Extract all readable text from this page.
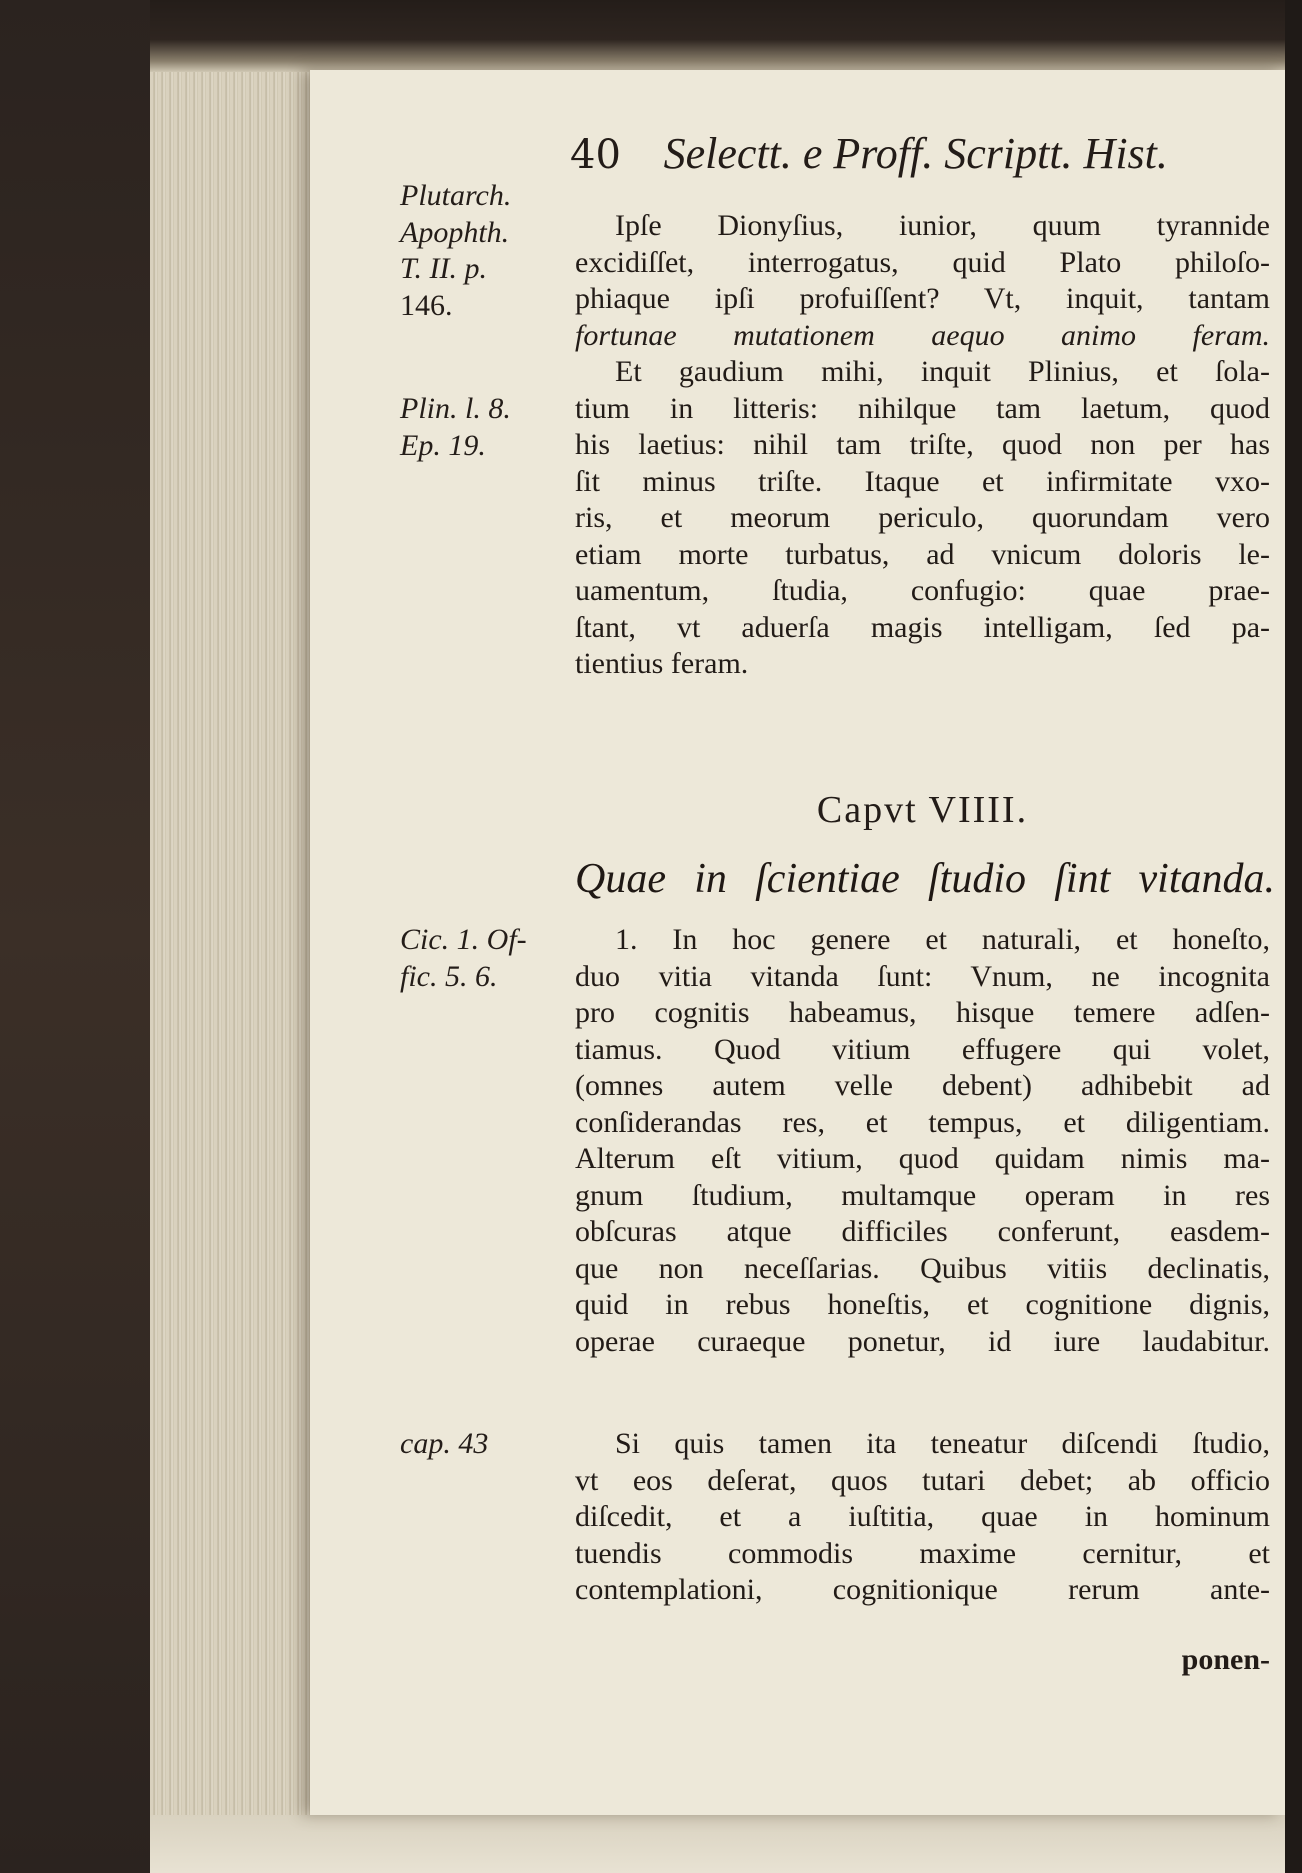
40 Selectt. e Proff. Scriptt. Hist.
Plutarch.
Apophth.
T. II. p.
146.
Plin. l. 8.
Ep. 19.
Cic. 1. Of-
fic. 5. 6.
cap. 43
Ipſe Dionyſius, iunior, quum tyrannide
excidiſſet, interrogatus, quid Plato philoſo-
phiaque ipſi profuiſſent? Vt, inquit, tantam
fortunae mutationem aequo animo feram.
Et gaudium mihi, inquit Plinius, et ſola-
tium in litteris: nihilque tam laetum, quod
his laetius: nihil tam triſte, quod non per has
ſit minus triſte. Itaque et infirmitate vxo-
ris, et meorum periculo, quorundam vero
etiam morte turbatus, ad vnicum doloris le-
uamentum, ſtudia, confugio: quae prae-
ſtant, vt aduerſa magis intelligam, ſed pa-
tientius feram.
Capvt VIIII.
Quae in ſcientiae ſtudio ſint vitanda.
1. In hoc genere et naturali, et honeſto,
duo vitia vitanda ſunt: Vnum, ne incognita
pro cognitis habeamus, hisque temere adſen-
tiamus. Quod vitium effugere qui volet,
(omnes autem velle debent) adhibebit ad
conſiderandas res, et tempus, et diligentiam.
Alterum eſt vitium, quod quidam nimis ma-
gnum ſtudium, multamque operam in res
obſcuras atque difficiles conferunt, easdem-
que non neceſſarias. Quibus vitiis declinatis,
quid in rebus honeſtis, et cognitione dignis,
operae curaeque ponetur, id iure laudabitur.
Si quis tamen ita teneatur diſcendi ſtudio,
vt eos deſerat, quos tutari debet; ab officio
diſcedit, et a iuſtitia, quae in hominum
tuendis commodis maxime cernitur, et
contemplationi, cognitionique rerum ante-
ponen-
